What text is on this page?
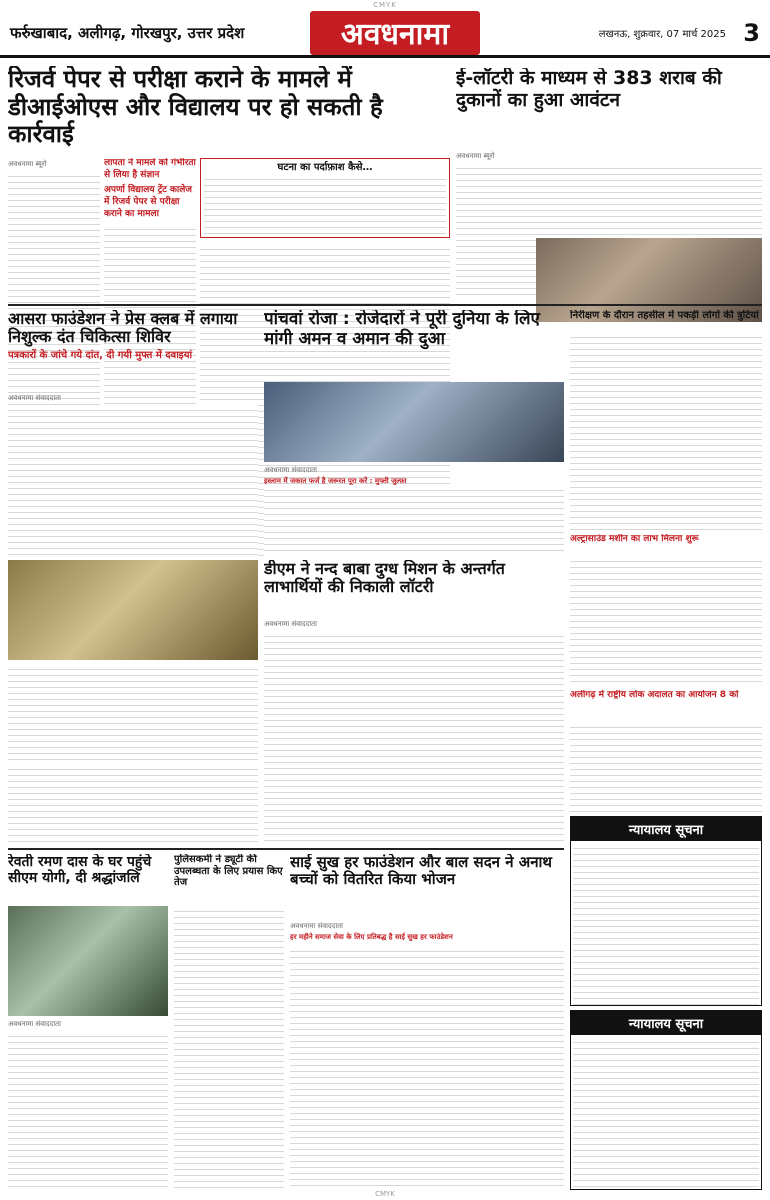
CMYK
फर्रुखाबाद, अलीगढ़, गोरखपुर, उत्तर प्रदेश	अवधनामा	लखनऊ, शुक्रवार, 07 मार्च 2025 3
रिजर्व पेपर से परीक्षा कराने के मामले में डीआईओएस और विद्यालय पर हो सकती है कार्रवाई
अवधनामा ब्यूरो	लापता ने मामले को गंभीरता से लिया है संज्ञान
अपर्णा विद्यालय ट्रेंट कालेज में रिजर्व पेपर से परीक्षा कराने का मामला
घटना का पर्दाफ़ाश कैसे…
ई-लॉटरी के माध्यम से 383 शराब की दुकानों का हुआ आवंटन
अवधनामा ब्यूरो
आसरा फाउंडेशन ने प्रेस क्लब में लगाया निशुल्क दंत चिकित्सा शिविर
पत्रकारों के जांचे गये दांत, दी गयी मुफ्त में दवाइयां
अवधनामा संवाददाता
पांचवां रोजा : रोजेदारों ने पूरी दुनिया के लिए मांगी अमन व अमान की दुआ
अवधनामा संवाददाता
इस्लाम में जकात फर्ज है जरूरत पूरा करें : मुफ्ती जुल्फ़ा
निरीक्षण के दौरान तहसील में पकड़ी लोगों की त्रुटियां
अल्ट्रासाउंड मशीन का लाभ मिलना शुरू
डीएम ने नन्द बाबा दुग्ध मिशन के अन्तर्गत लाभार्थियों की निकाली लॉटरी
अवधनामा संवाददाता
अलीगढ़ में राष्ट्रीय लोक अदालत का आयोजन 8 को
न्यायालय सूचना
रेवती रमण दास के घर पहुंचे सीएम योगी, दी श्रद्धांजलि
अवधनामा संवाददाता
पुलिसकर्मी ने ड्यूटी की उपलब्धता के लिए प्रयास किए तेज
साई सुख हर फाउंडेशन और बाल सदन ने अनाथ बच्चों को वितरित किया भोजन
अवधनामा संवाददाता
हर महीने समाज सेवा के लिए प्रतिबद्ध है साई सुख हर फाउंडेशन
न्यायालय सूचना
CMYK
